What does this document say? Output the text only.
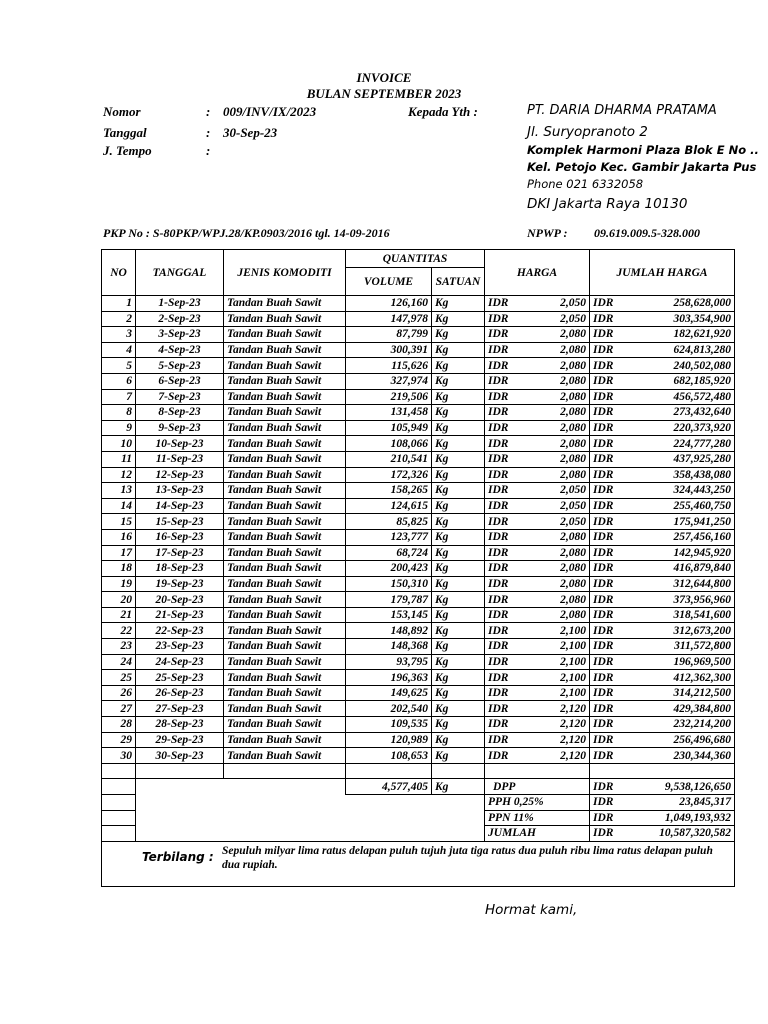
INVOICE
BULAN SEPTEMBER 2023
Nomor	: 009/INV/IX/2023	Kepada Yth :
Tanggal	: 30-Sep-23
J. Tempo	:
PT. DARIA DHARMA PRATAMA
Jl. Suryopranoto 2
Komplek Harmoni Plaza Blok E No ..
Kel. Petojo Kec. Gambir Jakarta Pus
Phone 021 6332058
DKI Jakarta Raya 10130
PKP No : S-80PKP/WPJ.28/KP.0903/2016 tgl. 14-09-2016	NPWP : 09.619.009.5-328.000
NO	TANGGAL	JENIS KOMODITI	QUANTITAS		HARGA		JUMLAH HARGA	
			VOLUME	SATUAN				
1	1-Sep-23	Tandan Buah Sawit	126,160	Kg	IDR	2,050	IDR	258,628,000
2	2-Sep-23	Tandan Buah Sawit	147,978	Kg	IDR	2,050	IDR	303,354,900
3	3-Sep-23	Tandan Buah Sawit	87,799	Kg	IDR	2,080	IDR	182,621,920
4	4-Sep-23	Tandan Buah Sawit	300,391	Kg	IDR	2,080	IDR	624,813,280
5	5-Sep-23	Tandan Buah Sawit	115,626	Kg	IDR	2,080	IDR	240,502,080
6	6-Sep-23	Tandan Buah Sawit	327,974	Kg	IDR	2,080	IDR	682,185,920
7	7-Sep-23	Tandan Buah Sawit	219,506	Kg	IDR	2,080	IDR	456,572,480
8	8-Sep-23	Tandan Buah Sawit	131,458	Kg	IDR	2,080	IDR	273,432,640
9	9-Sep-23	Tandan Buah Sawit	105,949	Kg	IDR	2,080	IDR	220,373,920
10	10-Sep-23	Tandan Buah Sawit	108,066	Kg	IDR	2,080	IDR	224,777,280
11	11-Sep-23	Tandan Buah Sawit	210,541	Kg	IDR	2,080	IDR	437,925,280
12	12-Sep-23	Tandan Buah Sawit	172,326	Kg	IDR	2,080	IDR	358,438,080
13	13-Sep-23	Tandan Buah Sawit	158,265	Kg	IDR	2,050	IDR	324,443,250
14	14-Sep-23	Tandan Buah Sawit	124,615	Kg	IDR	2,050	IDR	255,460,750
15	15-Sep-23	Tandan Buah Sawit	85,825	Kg	IDR	2,050	IDR	175,941,250
16	16-Sep-23	Tandan Buah Sawit	123,777	Kg	IDR	2,080	IDR	257,456,160
17	17-Sep-23	Tandan Buah Sawit	68,724	Kg	IDR	2,080	IDR	142,945,920
18	18-Sep-23	Tandan Buah Sawit	200,423	Kg	IDR	2,080	IDR	416,879,840
19	19-Sep-23	Tandan Buah Sawit	150,310	Kg	IDR	2,080	IDR	312,644,800
20	20-Sep-23	Tandan Buah Sawit	179,787	Kg	IDR	2,080	IDR	373,956,960
21	21-Sep-23	Tandan Buah Sawit	153,145	Kg	IDR	2,080	IDR	318,541,600
22	22-Sep-23	Tandan Buah Sawit	148,892	Kg	IDR	2,100	IDR	312,673,200
23	23-Sep-23	Tandan Buah Sawit	148,368	Kg	IDR	2,100	IDR	311,572,800
24	24-Sep-23	Tandan Buah Sawit	93,795	Kg	IDR	2,100	IDR	196,969,500
25	25-Sep-23	Tandan Buah Sawit	196,363	Kg	IDR	2,100	IDR	412,362,300
26	26-Sep-23	Tandan Buah Sawit	149,625	Kg	IDR	2,100	IDR	314,212,500
27	27-Sep-23	Tandan Buah Sawit	202,540	Kg	IDR	2,120	IDR	429,384,800
28	28-Sep-23	Tandan Buah Sawit	109,535	Kg	IDR	2,120	IDR	232,214,200
29	29-Sep-23	Tandan Buah Sawit	120,989	Kg	IDR	2,120	IDR	256,496,680
30	30-Sep-23	Tandan Buah Sawit	108,653	Kg	IDR	2,120	IDR	230,344,360

			4,577,405	Kg	DPP		IDR	9,538,126,650
					PPH 0,25%		IDR	23,845,317
					PPN 11%		IDR	1,049,193,932
					JUMLAH		IDR	10,587,320,582

Terbilang : Sepuluh milyar lima ratus delapan puluh tujuh juta tiga ratus dua puluh ribu lima ratus delapan puluh dua rupiah.								
Hormat kami,
